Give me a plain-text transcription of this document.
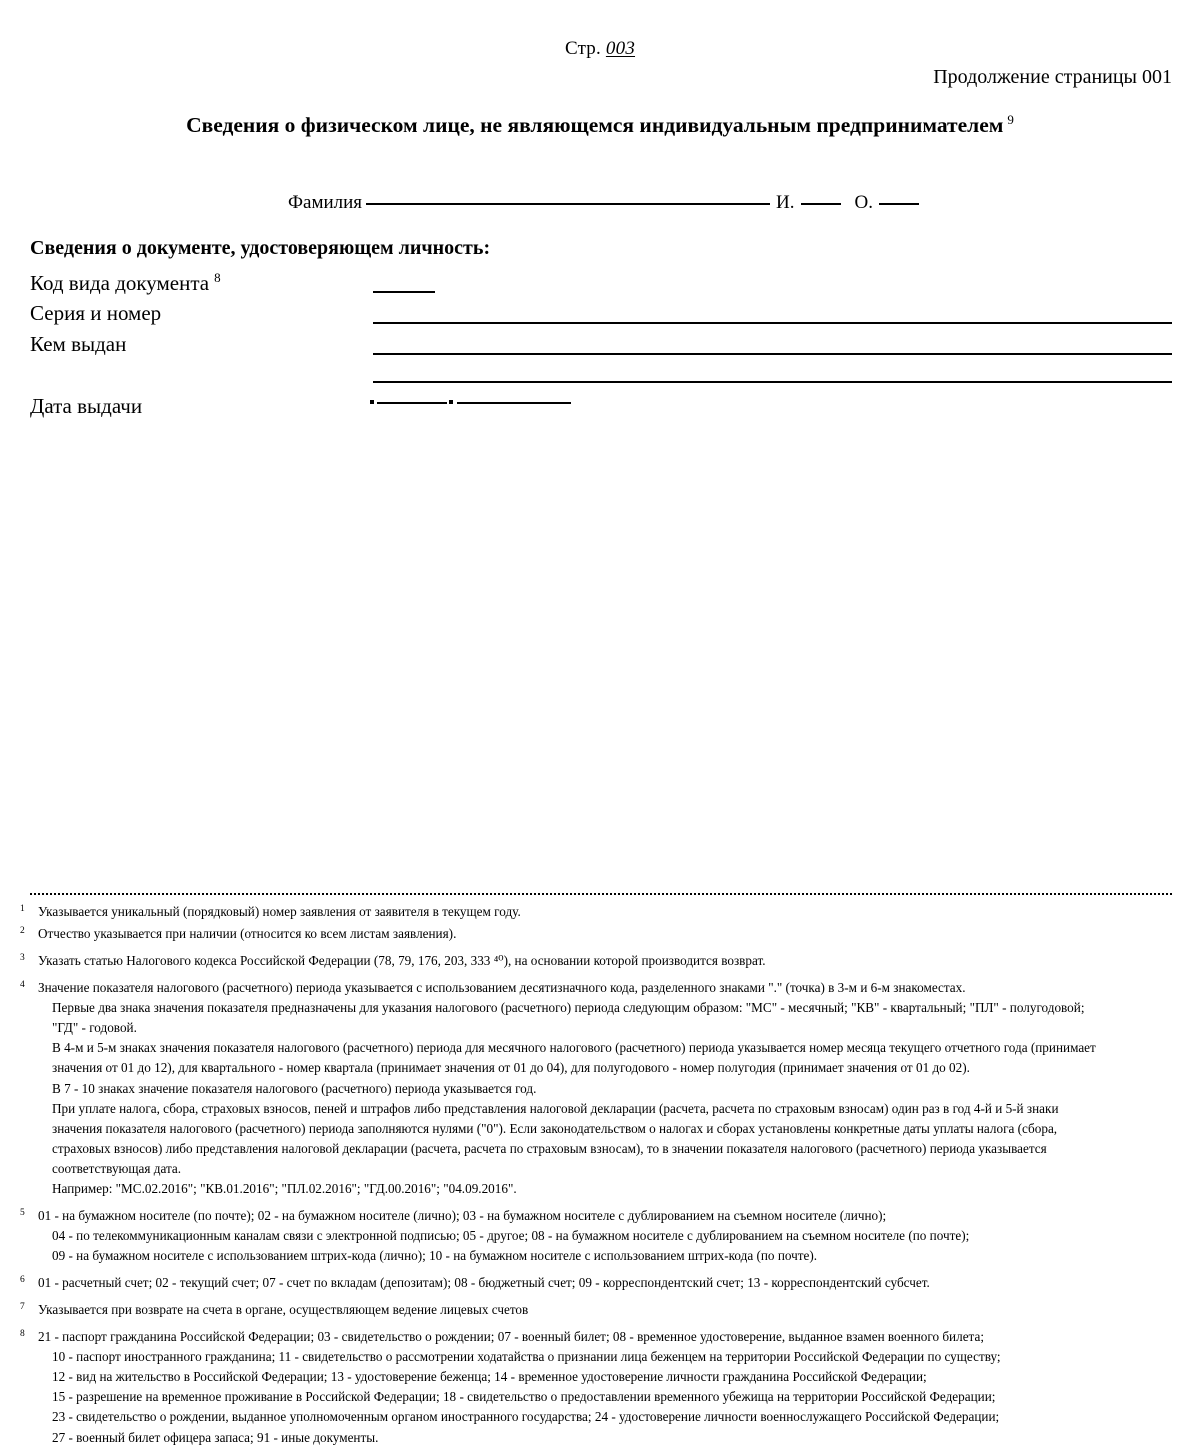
Стр. 003
Продолжение страницы 001
Сведения о физическом лице, не являющемся индивидуальным предпринимателем $^9$
Фамилия	И.	О.
Сведения о документе, удостоверяющем личность:
Код вида документа $^8$
Серия и номер
Кем выдан
Дата выдачи
1 Указывается уникальный (порядковый) номер заявления от заявителя в текущем году.
2 Отчество указывается при наличии (относится ко всем листам заявления).
3 Указать статью Налогового кодекса Российской Федерации (78, 79, 176, 203, 333 ⁴⁰), на основании которой производится возврат.
4 Значение показателя налогового (расчетного) периода указывается с использованием десятизначного кода, разделенного знаками "." (точка) в 3-м и 6-м знакоместах.
Первые два знака значения показателя предназначены для указания налогового (расчетного) периода следующим образом: "МС" - месячный; "КВ" - квартальный; "ПЛ" - полугодовой;
"ГД" - годовой.
В 4-м и 5-м знаках значения показателя налогового (расчетного) периода для месячного налогового (расчетного) периода указывается номер месяца текущего отчетного года (принимает
значения от 01 до 12), для квартального - номер квартала (принимает значения от 01 до 04), для полугодового - номер полугодия (принимает значения от 01 до 02).
В 7 - 10 знаках значение показателя налогового (расчетного) периода указывается год.
При уплате налога, сбора, страховых взносов, пеней и штрафов либо представления налоговой декларации (расчета, расчета по страховым взносам) один раз в год 4-й и 5-й знаки
значения показателя налогового (расчетного) периода заполняются нулями ("0"). Если законодательством о налогах и сборах установлены конкретные даты уплаты налога (сбора,
страховых взносов) либо представления налоговой декларации (расчета, расчета по страховым взносам), то в значении показателя налогового (расчетного) периода указывается
соответствующая дата.
Например: "МС.02.2016"; "КВ.01.2016"; "ПЛ.02.2016"; "ГД.00.2016"; "04.09.2016".
5 01 - на бумажном носителе (по почте); 02 - на бумажном носителе (лично); 03 - на бумажном носителе с дублированием на съемном носителе (лично);
04 - по телекоммуникационным каналам связи с электронной подписью; 05 - другое; 08 - на бумажном носителе с дублированием на съемном носителе (по почте);
09 - на бумажном носителе с использованием штрих-кода (лично); 10 - на бумажном носителе с использованием штрих-кода (по почте).
6 01 - расчетный счет; 02 - текущий счет; 07 - счет по вкладам (депозитам); 08 - бюджетный счет; 09 - корреспондентский счет; 13 - корреспондентский субсчет.
7 Указывается при возврате на счета в органе, осуществляющем ведение лицевых счетов
8 21 - паспорт гражданина Российской Федерации; 03 - свидетельство о рождении; 07 - военный билет; 08 - временное удостоверение, выданное взамен военного билета;
10 - паспорт иностранного гражданина; 11 - свидетельство о рассмотрении ходатайства о признании лица беженцем на территории Российской Федерации по существу;
12 - вид на жительство в Российской Федерации; 13 - удостоверение беженца; 14 - временное удостоверение личности гражданина Российской Федерации;
15 - разрешение на временное проживание в Российской Федерации; 18 - свидетельство о предоставлении временного убежища на территории Российской Федерации;
23 - свидетельство о рождении, выданное уполномоченным органом иностранного государства; 24 - удостоверение личности военнослужащего Российской Федерации;
27 - военный билет офицера запаса; 91 - иные документы.
